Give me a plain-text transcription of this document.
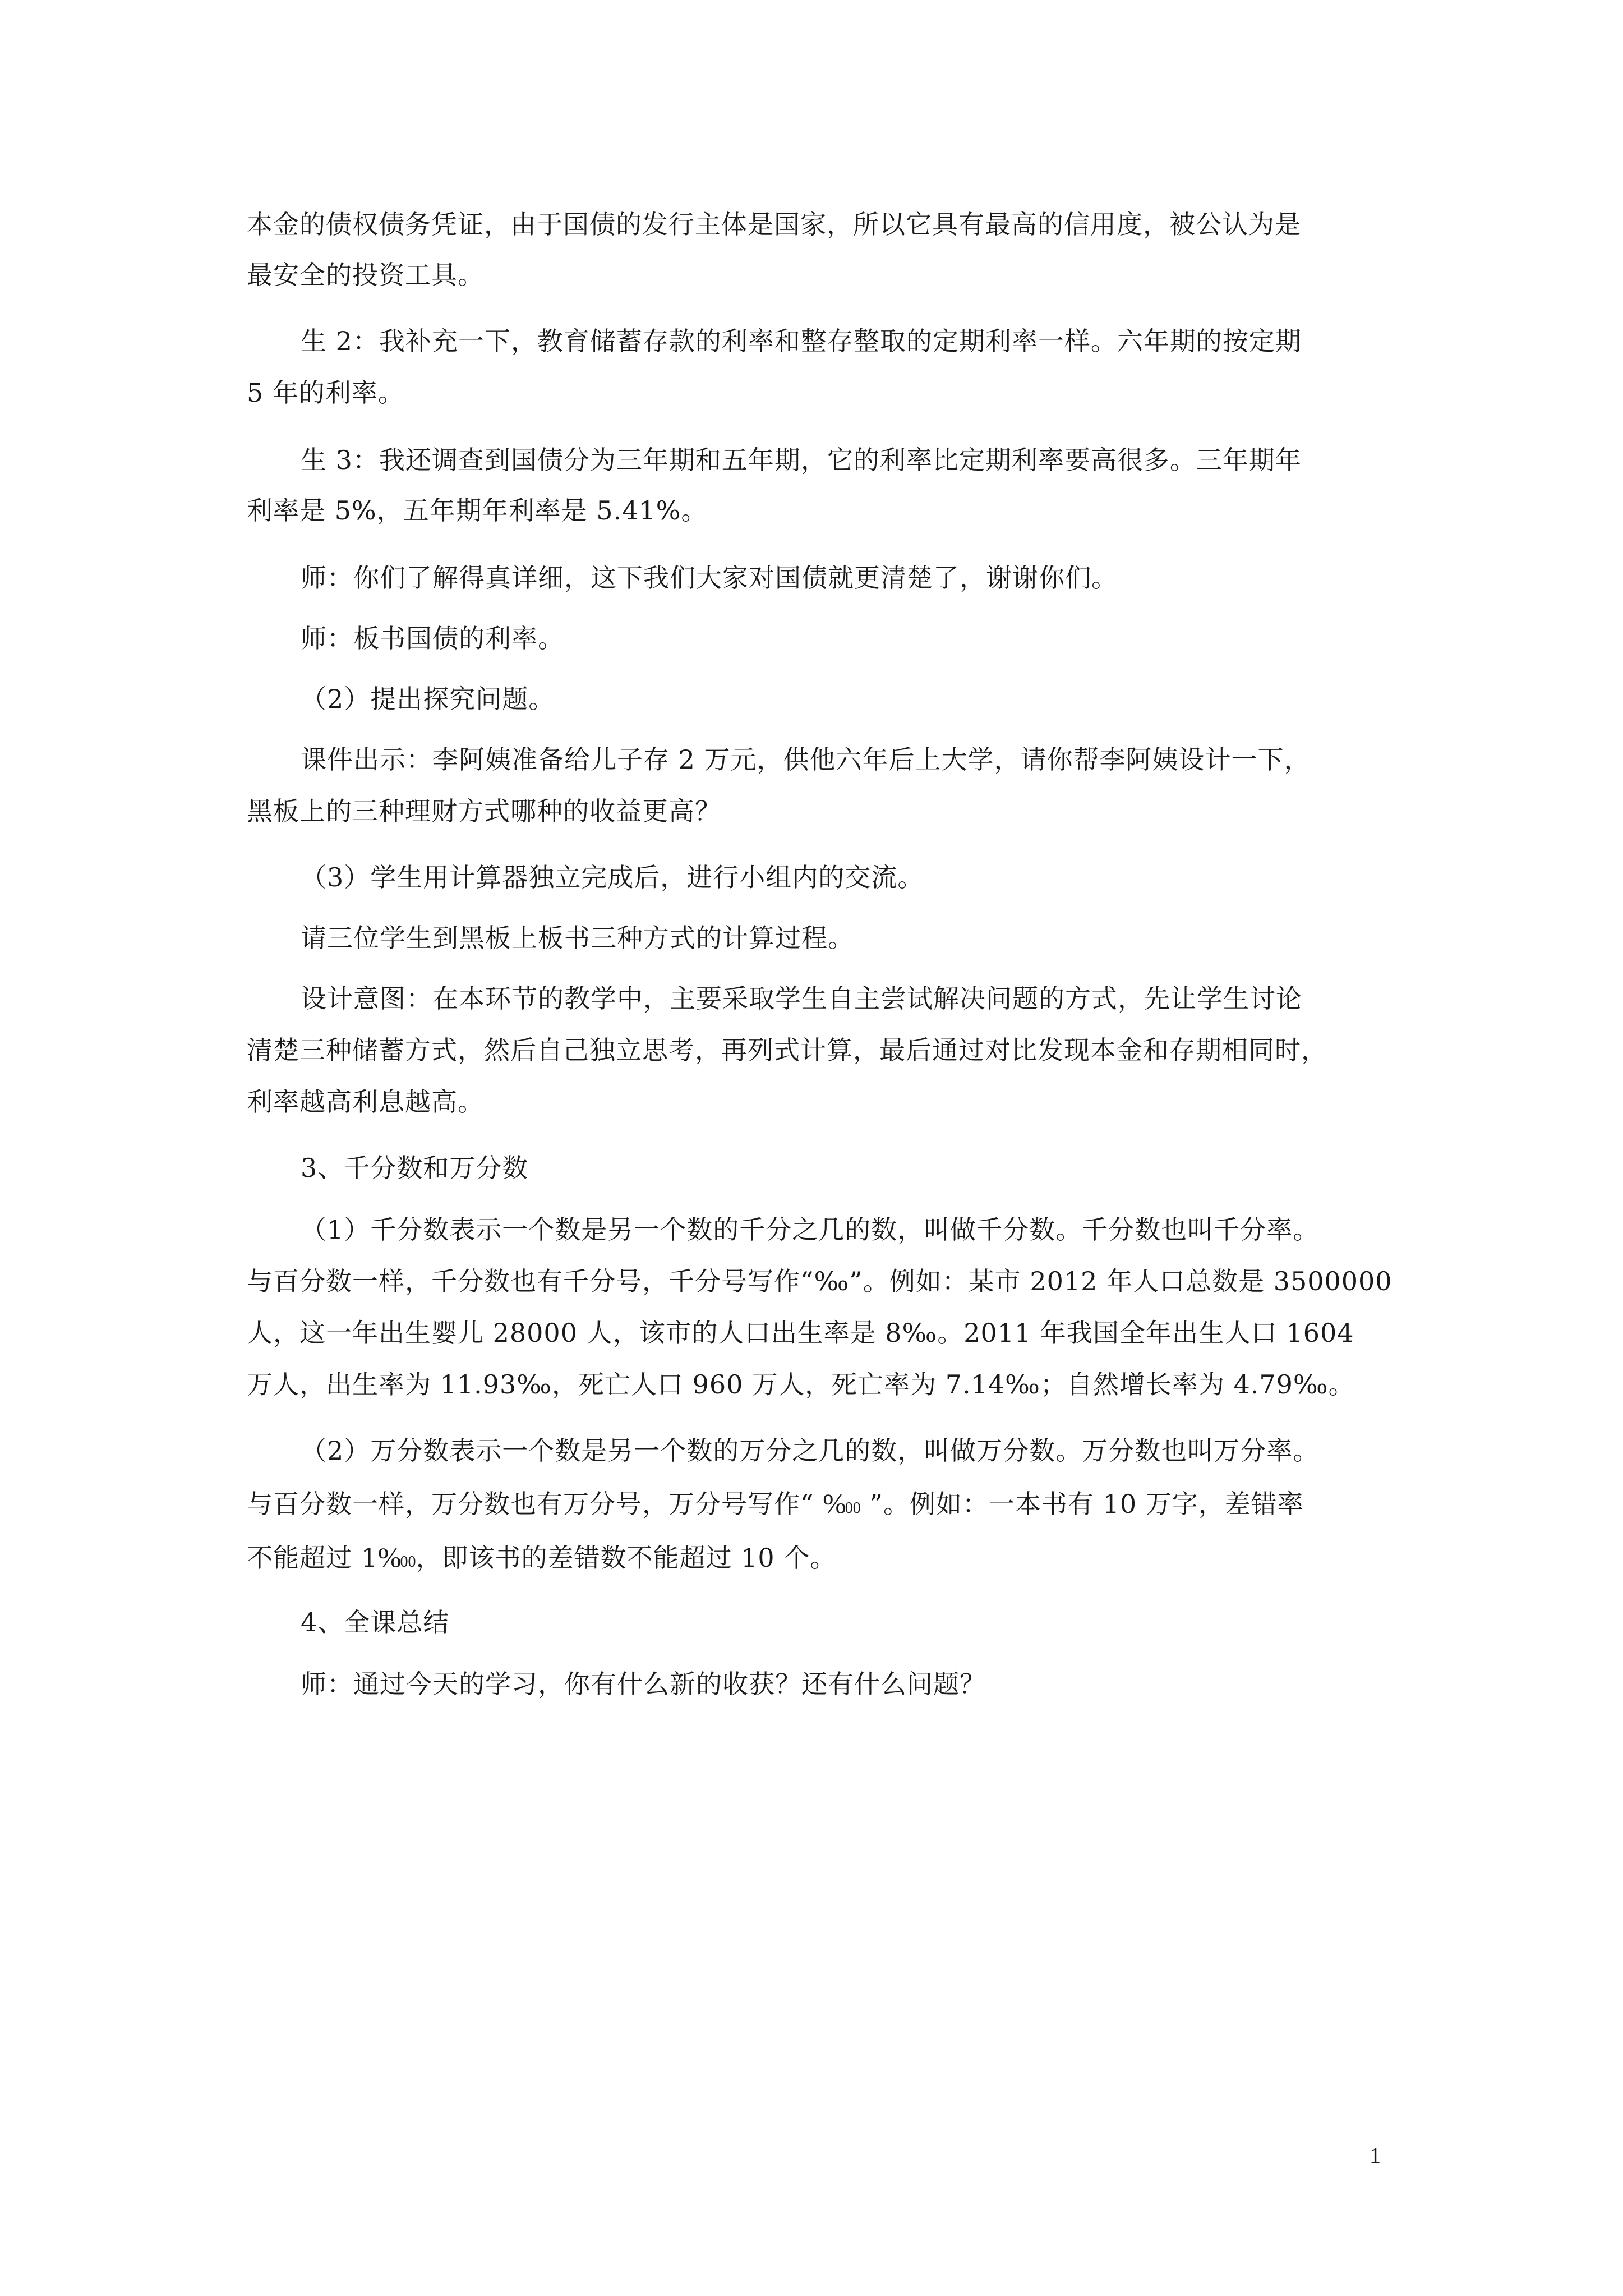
本金的债权债务凭证，由于国债的发行主体是国家，所以它具有最高的信用度，被公认为是
最安全的投资工具。
生 2：我补充一下，教育储蓄存款的利率和整存整取的定期利率一样。六年期的按定期
5 年的利率。
生 3：我还调查到国债分为三年期和五年期，它的利率比定期利率要高很多。三年期年
利率是 5%，五年期年利率是 5.41%。
师：你们了解得真详细，这下我们大家对国债就更清楚了，谢谢你们。
师：板书国债的利率。
（2）提出探究问题。
课件出示：李阿姨准备给儿子存 2 万元，供他六年后上大学，请你帮李阿姨设计一下，
黑板上的三种理财方式哪种的收益更高？
（3）学生用计算器独立完成后，进行小组内的交流。
请三位学生到黑板上板书三种方式的计算过程。
设计意图：在本环节的教学中，主要采取学生自主尝试解决问题的方式，先让学生讨论
清楚三种储蓄方式，然后自己独立思考，再列式计算，最后通过对比发现本金和存期相同时，
利率越高利息越高。
3、千分数和万分数
（1）千分数表示一个数是另一个数的千分之几的数，叫做千分数。千分数也叫千分率。
与百分数一样，千分数也有千分号，千分号写作“‰”。例如：某市 2012 年人口总数是 3500000
人，这一年出生婴儿 28000 人，该市的人口出生率是 8‰。2011 年我国全年出生人口 1604
万人，出生率为 11.93‰，死亡人口 960 万人，死亡率为 7.14‰；自然增长率为 4.79‰。
（2）万分数表示一个数是另一个数的万分之几的数，叫做万分数。万分数也叫万分率。
与百分数一样，万分数也有万分号，万分号写作“ %00 ”。例如：一本书有 10 万字，差错率
不能超过 1%00，即该书的差错数不能超过 10 个。
4、全课总结
师：通过今天的学习，你有什么新的收获？还有什么问题？
1
